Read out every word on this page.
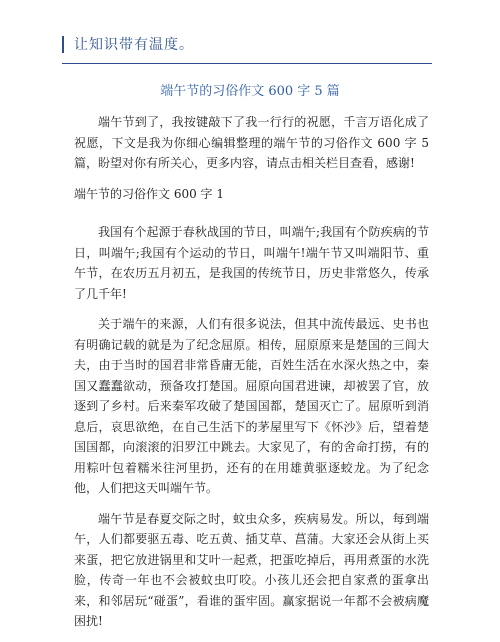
让知识带有温度。
端午节的习俗作文 600 字 5 篇

端午节到了，我按键敲下了我一行行的祝愿，千言万语化成了祝愿，下文是我为你细心编辑整理的端午节的习俗作文 600 字 5 篇，盼望对你有所关心，更多内容，请点击相关栏目查看，感谢!

端午节的习俗作文 600 字 1

我国有个起源于春秋战国的节日，叫端午;我国有个防疾病的节日，叫端午;我国有个运动的节日，叫端午!端午节又叫端阳节、重午节，在农历五月初五，是我国的传统节日，历史非常悠久，传承了几千年!

关于端午的来源，人们有很多说法，但其中流传最远、史书也有明确记载的就是为了纪念屈原。相传，屈原原来是楚国的三闾大夫，由于当时的国君非常昏庸无能，百姓生活在水深火热之中，秦国又蠢蠢欲动，预备攻打楚国。屈原向国君进谏，却被罢了官，放逐到了乡村。后来秦军攻破了楚国国都，楚国灭亡了。屈原听到消息后，哀思欲绝，在自己生活下的茅屋里写下《怀沙》后，望着楚国国都，向滚滚的汨罗江中跳去。大家见了，有的舍命打捞，有的用粽叶包着糯米往河里扔，还有的在用雄黄驱逐蛟龙。为了纪念他，人们把这天叫端午节。

端午节是春夏交际之时，蚊虫众多，疾病易发。所以，每到端午，人们都要驱五毒、吃五黄、插艾草、菖蒲。大家还会从街上买来蛋，把它放进锅里和艾叶一起煮，把蛋吃掉后，再用煮蛋的水洗脸，传奇一年也不会被蚊虫叮咬。小孩儿还会把自家煮的蛋拿出来，和邻居玩“碰蛋”，看谁的蛋牢固。赢家据说一年都不会被病魔困扰!
